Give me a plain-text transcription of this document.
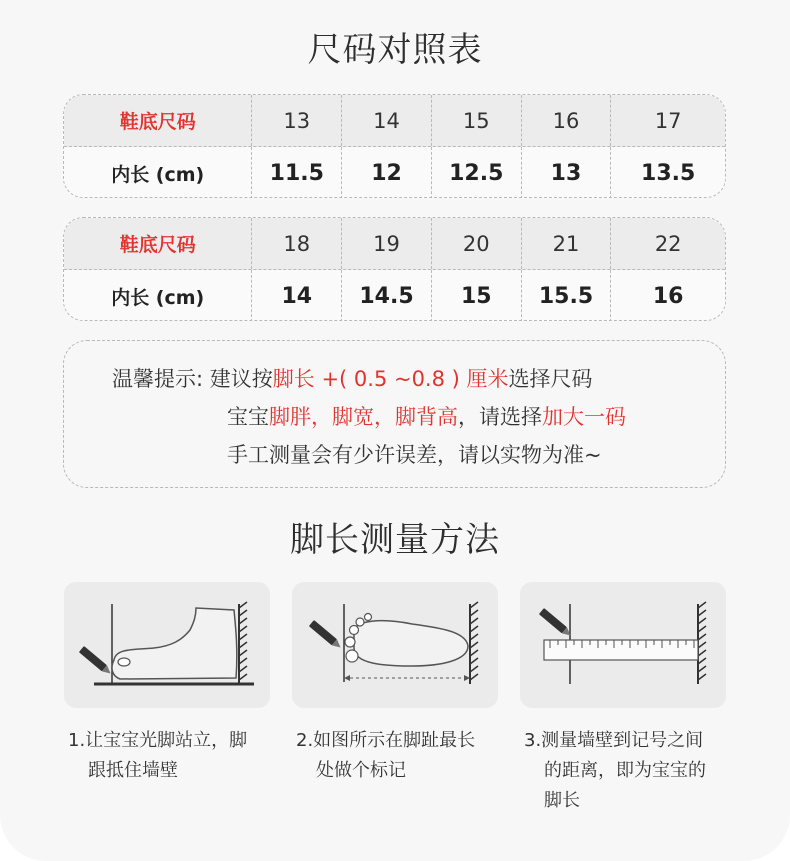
尺码对照表
鞋底尺码	13	14	15	16	17
内长 (cm)	11.5	12	12.5	13	13.5
鞋底尺码	18	19	20	21	22
内长 (cm)	14	14.5	15	15.5	16
温馨提示: 建议按脚长 +( 0.5 ~0.8 ) 厘米选择尺码
宝宝脚胖，脚宽，脚背高，请选择加大一码
手工测量会有少许误差，请以实物为准~
脚长测量方法
1.让宝宝光脚站立，脚
跟抵住墙壁
2.如图所示在脚趾最长
处做个标记
3.测量墙壁到记号之间
的距离，即为宝宝的
脚长
